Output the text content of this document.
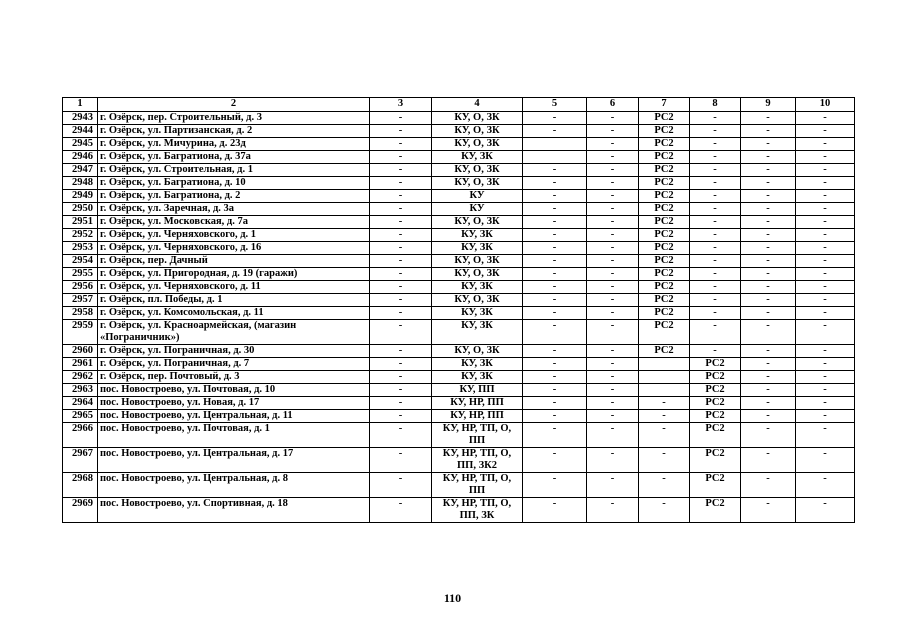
1	2	3	4	5	6	7	8	9	10
2943	г. Озёрск, пер. Строительный, д. 3	-	КУ, О, ЗК	-	-	РС2	-	-	-
2944	г. Озёрск, ул. Партизанская, д. 2	-	КУ, О, ЗК	-	-	РС2	-	-	-
2945	г. Озёрск, ул. Мичурина, д. 23д	-	КУ, О, ЗК		-	РС2	-	-	-
2946	г. Озёрск, ул. Багратиона, д. 37а	-	КУ, ЗК		-	РС2	-	-	-
2947	г. Озёрск, ул. Строительная, д. 1	-	КУ, О, ЗК	-	-	РС2	-	-	-
2948	г. Озёрск, ул. Багратиона, д. 10	-	КУ, О, ЗК	-	-	РС2	-	-	-
2949	г. Озёрск, ул. Багратиона, д. 2	-	КУ	-	-	РС2	-	-	-
2950	г. Озёрск, ул. Заречная, д. 3а	-	КУ	-	-	РС2	-	-	-
2951	г. Озёрск, ул. Московская, д. 7а	-	КУ, О, ЗК	-	-	РС2	-	-	-
2952	г. Озёрск, ул. Черняховского, д. 1	-	КУ, ЗК	-	-	РС2	-	-	-
2953	г. Озёрск, ул. Черняховского, д. 16	-	КУ, ЗК	-	-	РС2	-	-	-
2954	г. Озёрск, пер. Дачный	-	КУ, О, ЗК	-	-	РС2	-	-	-
2955	г. Озёрск, ул. Пригородная, д. 19 (гаражи)	-	КУ, О, ЗК	-	-	РС2	-	-	-
2956	г. Озёрск, ул. Черняховского, д. 11	-	КУ, ЗК	-	-	РС2	-	-	-
2957	г. Озёрск, пл. Победы, д. 1	-	КУ, О, ЗК	-	-	РС2	-	-	-
2958	г. Озёрск, ул. Комсомольская, д. 11	-	КУ, ЗК	-	-	РС2	-	-	-
2959	г. Озёрск, ул. Красноармейская, (магазин «Пограничник»)	-	КУ, ЗК	-	-	РС2	-	-	-
2960	г. Озёрск, ул. Пограничная, д. 30	-	КУ, О, ЗК	-	-	РС2	-	-	-
2961	г. Озёрск, ул. Пограничная, д. 7	-	КУ, ЗК	-	-		РС2	-	-
2962	г. Озёрск, пер. Почтовый, д. 3	-	КУ, ЗК	-	-		РС2	-	-
2963	пос. Новостроево, ул. Почтовая, д. 10	-	КУ, ПП	-	-		РС2	-	-
2964	пос. Новостроево, ул. Новая, д. 17	-	КУ, НР, ПП	-	-	-	РС2	-	-
2965	пос. Новостроево, ул. Центральная, д. 11	-	КУ, НР, ПП	-	-	-	РС2	-	-
2966	пос. Новостроево, ул. Почтовая, д. 1	-	КУ, НР, ТП, О, ПП	-	-	-	РС2	-	-
2967	пос. Новостроево, ул. Центральная, д. 17	-	КУ, НР, ТП, О, ПП, ЗК2	-	-	-	РС2	-	-
2968	пос. Новостроево, ул. Центральная, д. 8	-	КУ, НР, ТП, О, ПП	-	-	-	РС2	-	-
2969	пос. Новостроево, ул. Спортивная, д. 18	-	КУ, НР, ТП, О, ПП, ЗК	-	-	-	РС2	-	-
110
